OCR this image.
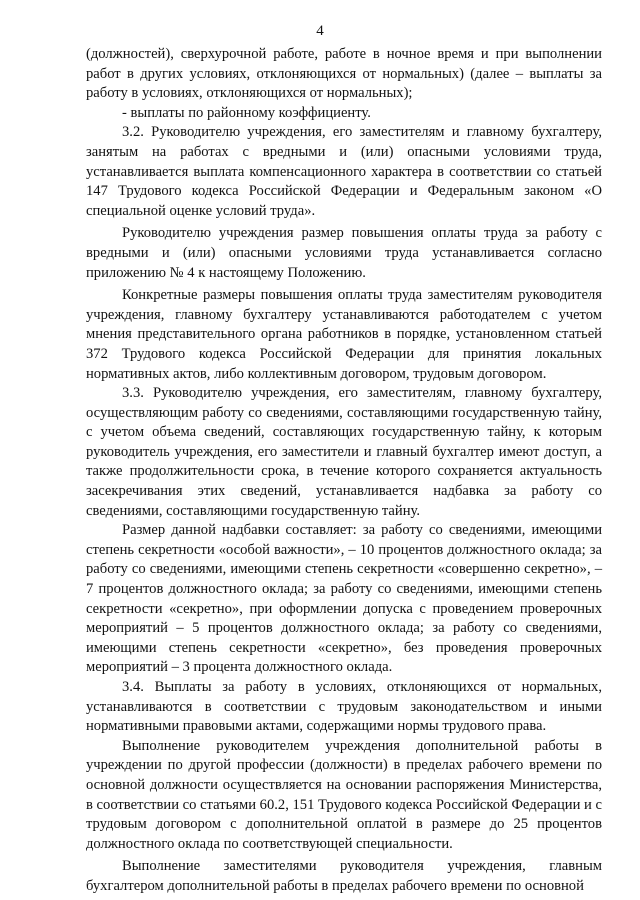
4

(должностей), сверхурочной работе, работе в ночное время и при выполнении работ в других условиях, отклоняющихся от нормальных) (далее – выплаты за работу в условиях, отклоняющихся от нормальных);

- выплаты по районному коэффициенту.

3.2. Руководителю учреждения, его заместителям и главному бухгалтеру, занятым на работах с вредными и (или) опасными условиями труда, устанавливается выплата компенсационного характера в соответствии со статьей 147 Трудового кодекса Российской Федерации и Федеральным законом «О специальной оценке условий труда».

Руководителю учреждения размер повышения оплаты труда за работу с вредными и (или) опасными условиями труда устанавливается согласно приложению № 4 к настоящему Положению.

Конкретные размеры повышения оплаты труда заместителям руководителя учреждения, главному бухгалтеру устанавливаются работодателем с учетом мнения представительного органа работников в порядке, установленном статьей 372 Трудового кодекса Российской Федерации для принятия локальных нормативных актов, либо коллективным договором, трудовым договором.

3.3. Руководителю учреждения, его заместителям, главному бухгалтеру, осуществляющим работу со сведениями, составляющими государственную тайну, с учетом объема сведений, составляющих государственную тайну, к которым руководитель учреждения, его заместители и главный бухгалтер имеют доступ, а также продолжительности срока, в течение которого сохраняется актуальность засекречивания этих сведений, устанавливается надбавка за работу со сведениями, составляющими государственную тайну.

Размер данной надбавки составляет: за работу со сведениями, имеющими степень секретности «особой важности», – 10 процентов должностного оклада; за работу со сведениями, имеющими степень секретности «совершенно секретно», – 7 процентов должностного оклада; за работу со сведениями, имеющими степень секретности «секретно», при оформлении допуска с проведением проверочных мероприятий – 5 процентов должностного оклада; за работу со сведениями, имеющими степень секретности «секретно», без проведения проверочных мероприятий – 3 процента должностного оклада.

3.4. Выплаты за работу в условиях, отклоняющихся от нормальных, устанавливаются в соответствии с трудовым законодательством и иными нормативными правовыми актами, содержащими нормы трудового права.

Выполнение руководителем учреждения дополнительной работы в учреждении по другой профессии (должности) в пределах рабочего времени по основной должности осуществляется на основании распоряжения Министерства, в соответствии со статьями 60.2, 151 Трудового кодекса Российской Федерации и с трудовым договором с дополнительной оплатой в размере до 25 процентов должностного оклада по соответствующей специальности.

Выполнение заместителями руководителя учреждения, главным бухгалтером дополнительной работы в пределах рабочего времени по основной
